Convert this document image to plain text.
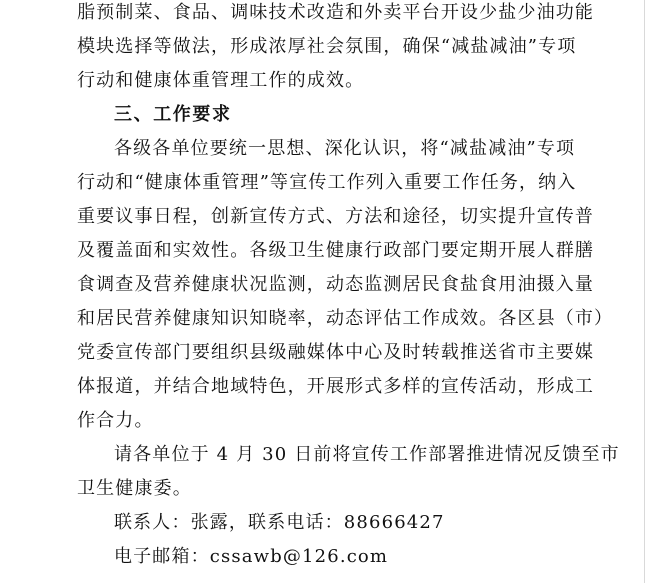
脂预制菜、食品、调味技术改造和外卖平台开设少盐少油功能
模块选择等做法，形成浓厚社会氛围，确保“减盐减油”专项
行动和健康体重管理工作的成效。
三、工作要求
各级各单位要统一思想、深化认识，将“减盐减油”专项
行动和“健康体重管理”等宣传工作列入重要工作任务，纳入
重要议事日程，创新宣传方式、方法和途径，切实提升宣传普
及覆盖面和实效性。各级卫生健康行政部门要定期开展人群膳
食调查及营养健康状况监测，动态监测居民食盐食用油摄入量
和居民营养健康知识知晓率，动态评估工作成效。各区县（市）
党委宣传部门要组织县级融媒体中心及时转载推送省市主要媒
体报道，并结合地域特色，开展形式多样的宣传活动，形成工
作合力。
请各单位于 4 月 30 日前将宣传工作部署推进情况反馈至市
卫生健康委。
联系人：张露，联系电话：88666427
电子邮箱：cssawb@126.com
